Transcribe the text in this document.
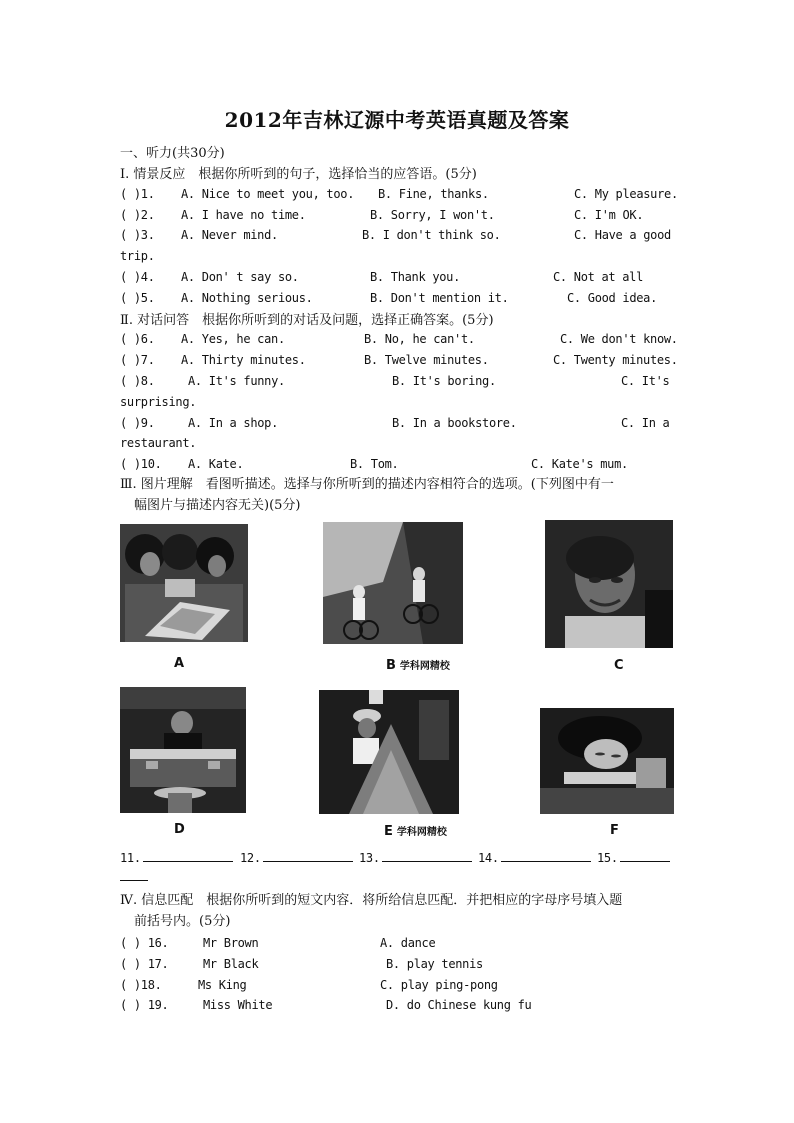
2012年吉林辽源中考英语真题及答案
一、听力(共30分)
Ⅰ. 情景反应　根据你所听到的句子，选择恰当的应答语。(5分)
( )1. A. Nice to meet you, too. B. Fine, thanks.	C. My pleasure.
( )2. A. I have no time.	B. Sorry, I won't.	C. I'm OK.
( )3. A. Never mind.	B. I don't think so.	C. Have a good
trip.
( )4. A. Don' t say so.	B. Thank you.	C. Not at all
( )5. A. Nothing serious.	B. Don't mention it.	C. Good idea.
Ⅱ. 对话问答　根据你所听到的对话及问题，选择正确答案。(5分)
( )6. A. Yes, he can.	B. No, he can't.	C. We don't know.
( )7. A. Thirty minutes.	B. Twelve minutes.	C. Twenty minutes.
( )8.	A. It's funny.	B. It's boring.	C. It's
surprising.
( )9.	A. In a shop.	B. In a bookstore.	C. In a
restaurant.
( )10. A. Kate.	B. Tom.	C. Kate's mum.
Ⅲ. 图片理解　看图听描述。选择与你所听到的描述内容相符合的选项。(下列图中有一
幅图片与描述内容无关)(5分)
A	B 学科网精校	C
D	E 学科网精校	F
11.	12.	13.	14.	15.
Ⅳ. 信息匹配　根据你所听到的短文内容．将所给信息匹配．并把相应的字母序号填入题
前括号内。(5分)
( ) 16.	Mr Brown	A. dance
( ) 17.	Mr Black	B. play tennis
( )18.	Ms King	C. play ping-pong
( ) 19.	Miss White	D. do Chinese kung fu
